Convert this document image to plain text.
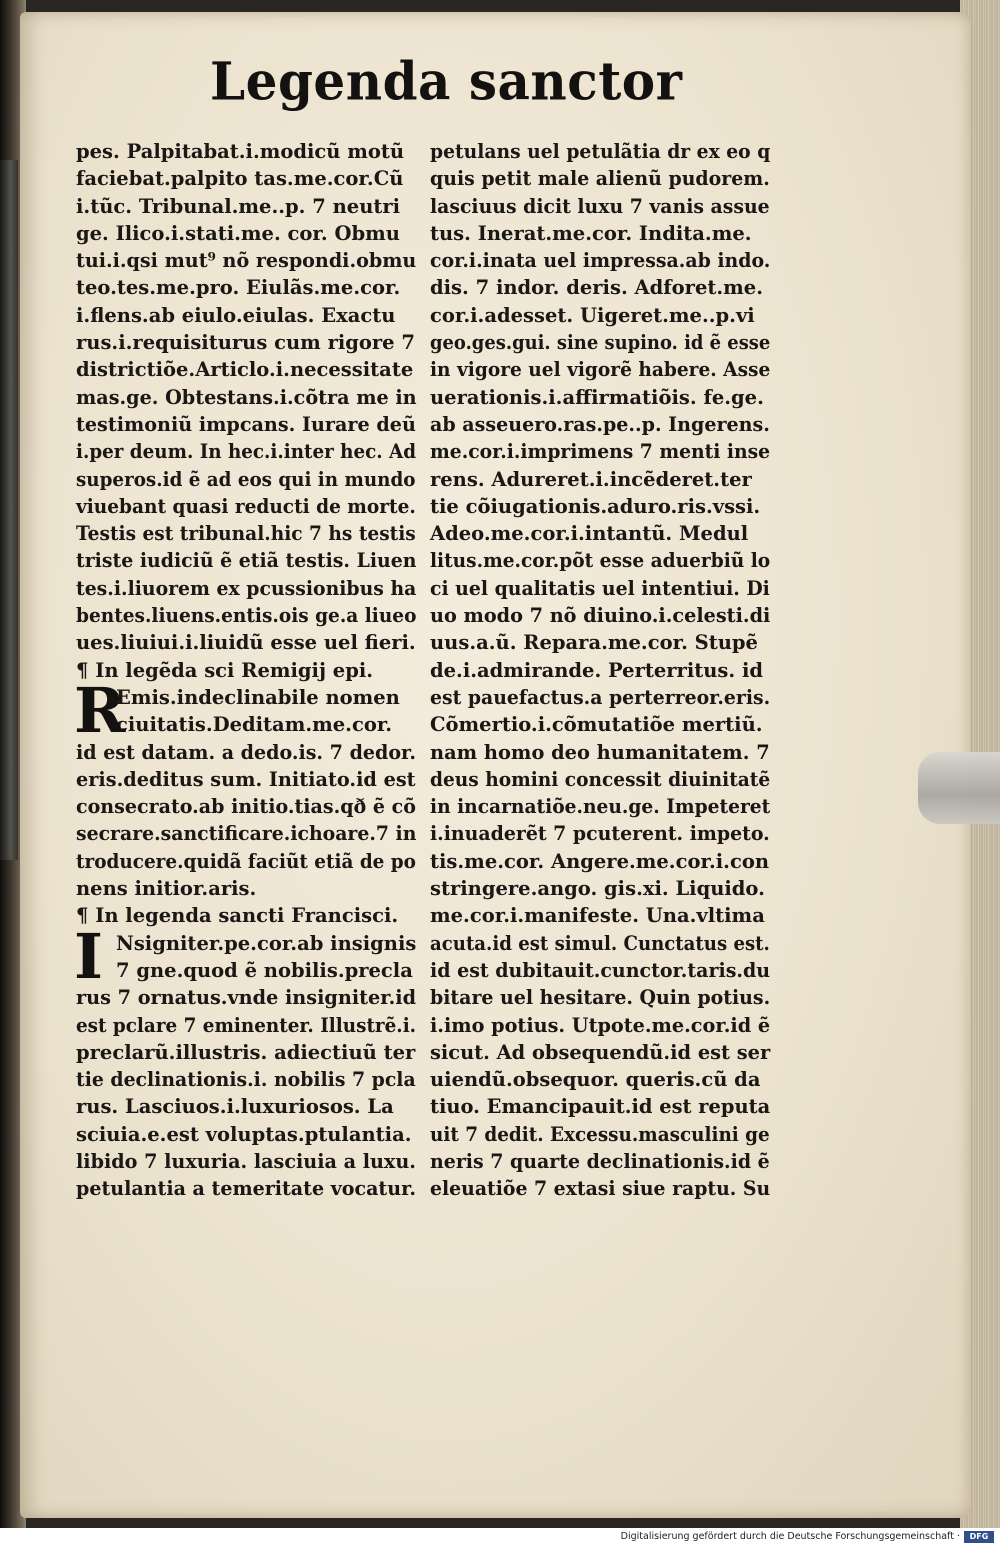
Legenda sanctor
pes. Palpitabat.i.modicũ motũ
faciebat.palpito tas.me.cor.Cũ
i.tũc. Tribunal.me..p. 7 neutri
ge. Ilico.i.stati.me. cor. Obmu
tui.i.qsi mut⁹ nõ respondi.obmu
teo.tes.me.pro. Eiulãs.me.cor.
i.flens.ab eiulo.eiulas. Exactu
rus.i.requisiturus cum rigore 7
districtiõe.Articlo.i.necessitate
mas.ge. Obtestans.i.cõtra me in
testimoniũ impcans. Iurare deũ
i.per deum. In hec.i.inter hec. Ad
superos.id ẽ ad eos qui in mundo
viuebant quasi reducti de morte.
Testis est tribunal.hic 7 hs testis
triste iudiciũ ẽ etiã testis. Liuen
tes.i.liuorem ex pcussionibus ha
bentes.liuens.entis.ois ge.a liueo
ues.liuiui.i.liuidũ esse uel fieri.
¶ In legẽda sci Remigij epi.
R
Emis.indeclinabile nomen
ciuitatis.Deditam.me.cor.
id est datam. a dedo.is. 7 dedor.
eris.deditus sum. Initiato.id est
consecrato.ab initio.tias.qð ẽ cõ
secrare.sanctificare.ichoare.7 in
troducere.quidã faciũt etiã de po
nens initior.aris.
¶ In legenda sancti Francisci.
I Nsigniter.pe.cor.ab insignis
7 gne.quod ẽ nobilis.precla
rus 7 ornatus.vnde insigniter.id
est pclare 7 eminenter. Illustrẽ.i.
preclarũ.illustris. adiectiuũ ter
tie declinationis.i. nobilis 7 pcla
rus. Lasciuos.i.luxuriosos. La
sciuia.e.est voluptas.ptulantia.
libido 7 luxuria. lasciuia a luxu.
petulantia a temeritate vocatur.
petulans uel petulãtia dr ex eo q
quis petit male alienũ pudorem.
lasciuus dicit luxu 7 vanis assue
tus. Inerat.me.cor. Indita.me.
cor.i.inata uel impressa.ab indo.
dis. 7 indor. deris. Adforet.me.
cor.i.adesset. Uigeret.me..p.vi
geo.ges.gui. sine supino. id ẽ esse
in vigore uel vigorẽ habere. Asse
uerationis.i.affirmatiõis. fe.ge.
ab asseuero.ras.pe..p. Ingerens.
me.cor.i.imprimens 7 menti inse
rens. Adureret.i.incẽderet.ter
tie cõiugationis.aduro.ris.vssi.
Adeo.me.cor.i.intantũ. Medul
litus.me.cor.põt esse aduerbiũ lo
ci uel qualitatis uel intentiui. Di
uo modo 7 nõ diuino.i.celesti.di
uus.a.ũ. Repara.me.cor. Stupẽ
de.i.admirande. Perterritus. id
est pauefactus.a perterreor.eris.
Cõmertio.i.cõmutatiõe mertiũ.
nam homo deo humanitatem. 7
deus homini concessit diuinitatẽ
in incarnatiõe.neu.ge. Impeteret
i.inuaderẽt 7 pcuterent. impeto.
tis.me.cor. Angere.me.cor.i.con
stringere.ango. gis.xi. Liquido.
me.cor.i.manifeste. Una.vltima
acuta.id est simul. Cunctatus est.
id est dubitauit.cunctor.taris.du
bitare uel hesitare. Quin potius.
i.imo potius. Utpote.me.cor.id ẽ
sicut. Ad obsequendũ.id est ser
uiendũ.obsequor. queris.cũ da
tiuo. Emancipauit.id est reputa
uit 7 dedit. Excessu.masculini ge
neris 7 quarte declinationis.id ẽ
eleuatiõe 7 extasi siue raptu. Su
Digitalisierung gefördert durch die Deutsche Forschungsgemeinschaft ·	DFG
